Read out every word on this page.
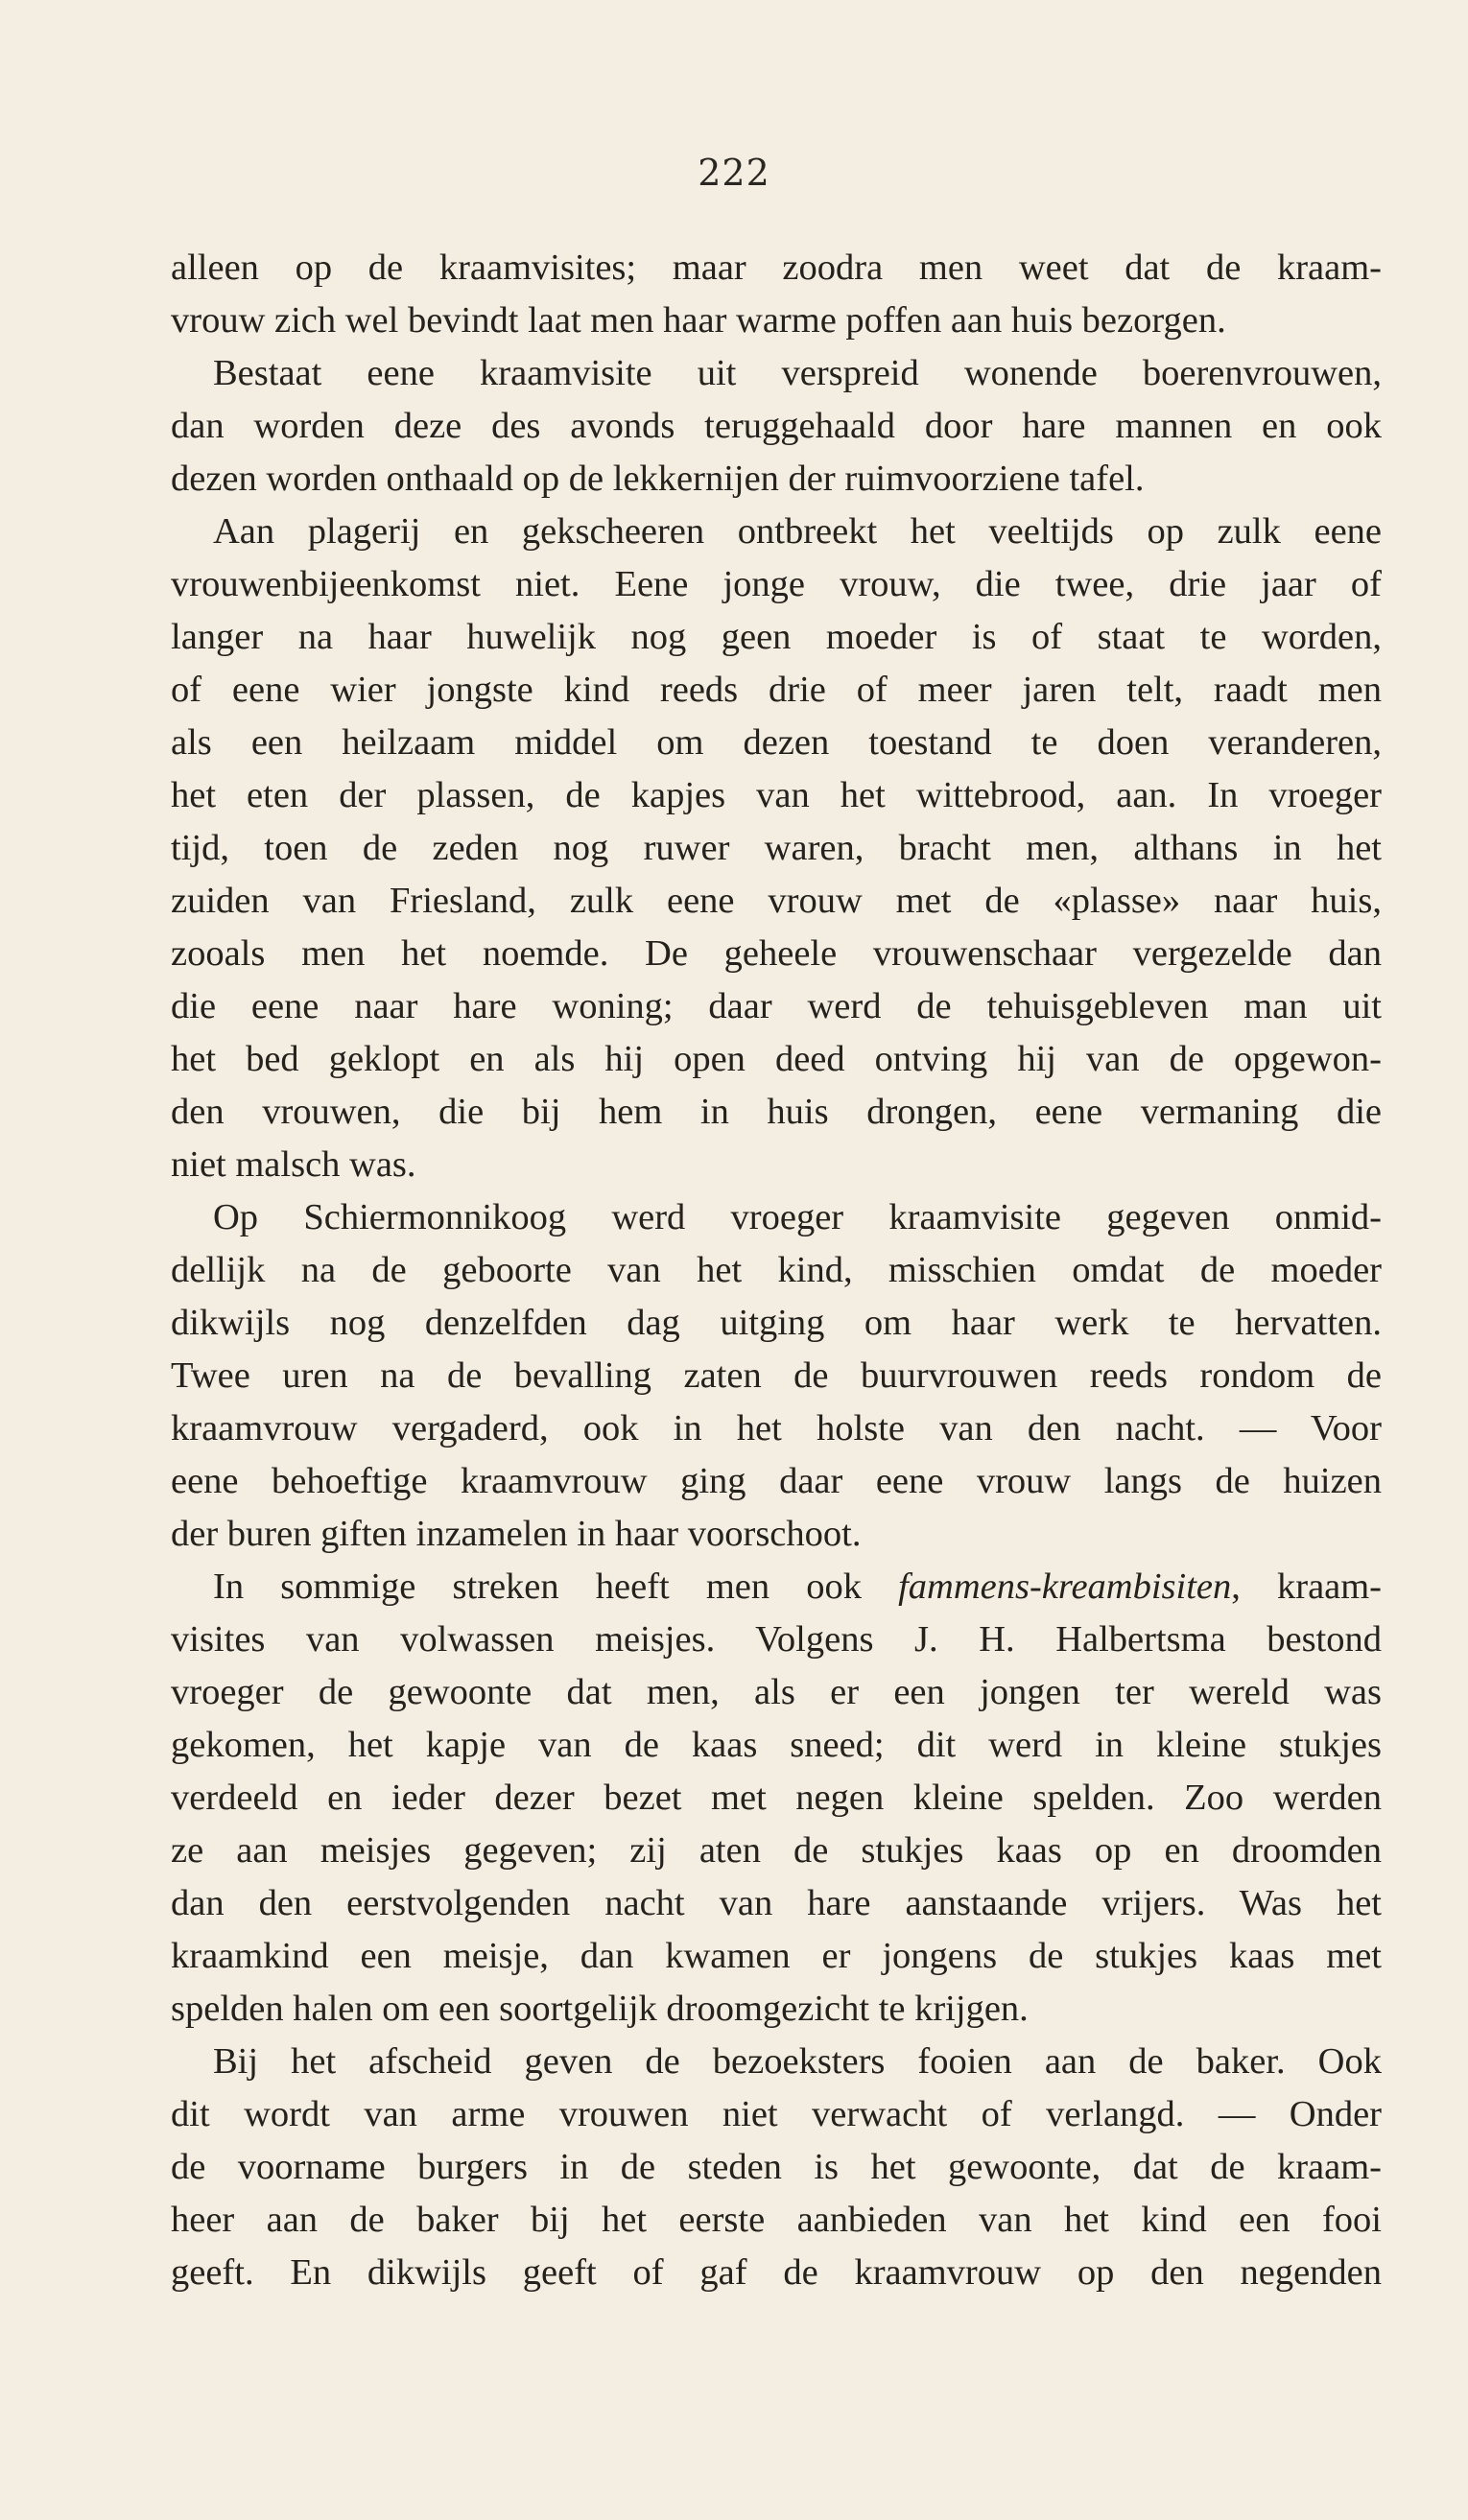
222
alleen op de kraamvisites; maar zoodra men weet dat de kraam-
vrouw zich wel bevindt laat men haar warme poffen aan huis bezorgen.
Bestaat eene kraamvisite uit verspreid wonende boerenvrouwen,
dan worden deze des avonds teruggehaald door hare mannen en ook
dezen worden onthaald op de lekkernijen der ruimvoorziene tafel.
Aan plagerij en gekscheeren ontbreekt het veeltijds op zulk eene
vrouwenbijeenkomst niet. Eene jonge vrouw, die twee, drie jaar of
langer na haar huwelijk nog geen moeder is of staat te worden,
of eene wier jongste kind reeds drie of meer jaren telt, raadt men
als een heilzaam middel om dezen toestand te doen veranderen,
het eten der plassen, de kapjes van het wittebrood, aan. In vroeger
tijd, toen de zeden nog ruwer waren, bracht men, althans in het
zuiden van Friesland, zulk eene vrouw met de «plasse» naar huis,
zooals men het noemde. De geheele vrouwenschaar vergezelde dan
die eene naar hare woning; daar werd de tehuisgebleven man uit
het bed geklopt en als hij open deed ontving hij van de opgewon-
den vrouwen, die bij hem in huis drongen, eene vermaning die
niet malsch was.
Op Schiermonnikoog werd vroeger kraamvisite gegeven onmid-
dellijk na de geboorte van het kind, misschien omdat de moeder
dikwijls nog denzelfden dag uitging om haar werk te hervatten.
Twee uren na de bevalling zaten de buurvrouwen reeds rondom de
kraamvrouw vergaderd, ook in het holste van den nacht. — Voor
eene behoeftige kraamvrouw ging daar eene vrouw langs de huizen
der buren giften inzamelen in haar voorschoot.
In sommige streken heeft men ook fammens-kreambisiten, kraam-
visites van volwassen meisjes. Volgens J. H. Halbertsma bestond
vroeger de gewoonte dat men, als er een jongen ter wereld was
gekomen, het kapje van de kaas sneed; dit werd in kleine stukjes
verdeeld en ieder dezer bezet met negen kleine spelden. Zoo werden
ze aan meisjes gegeven; zij aten de stukjes kaas op en droomden
dan den eerstvolgenden nacht van hare aanstaande vrijers. Was het
kraamkind een meisje, dan kwamen er jongens de stukjes kaas met
spelden halen om een soortgelijk droomgezicht te krijgen.
Bij het afscheid geven de bezoeksters fooien aan de baker. Ook
dit wordt van arme vrouwen niet verwacht of verlangd. — Onder
de voorname burgers in de steden is het gewoonte, dat de kraam-
heer aan de baker bij het eerste aanbieden van het kind een fooi
geeft. En dikwijls geeft of gaf de kraamvrouw op den negenden
